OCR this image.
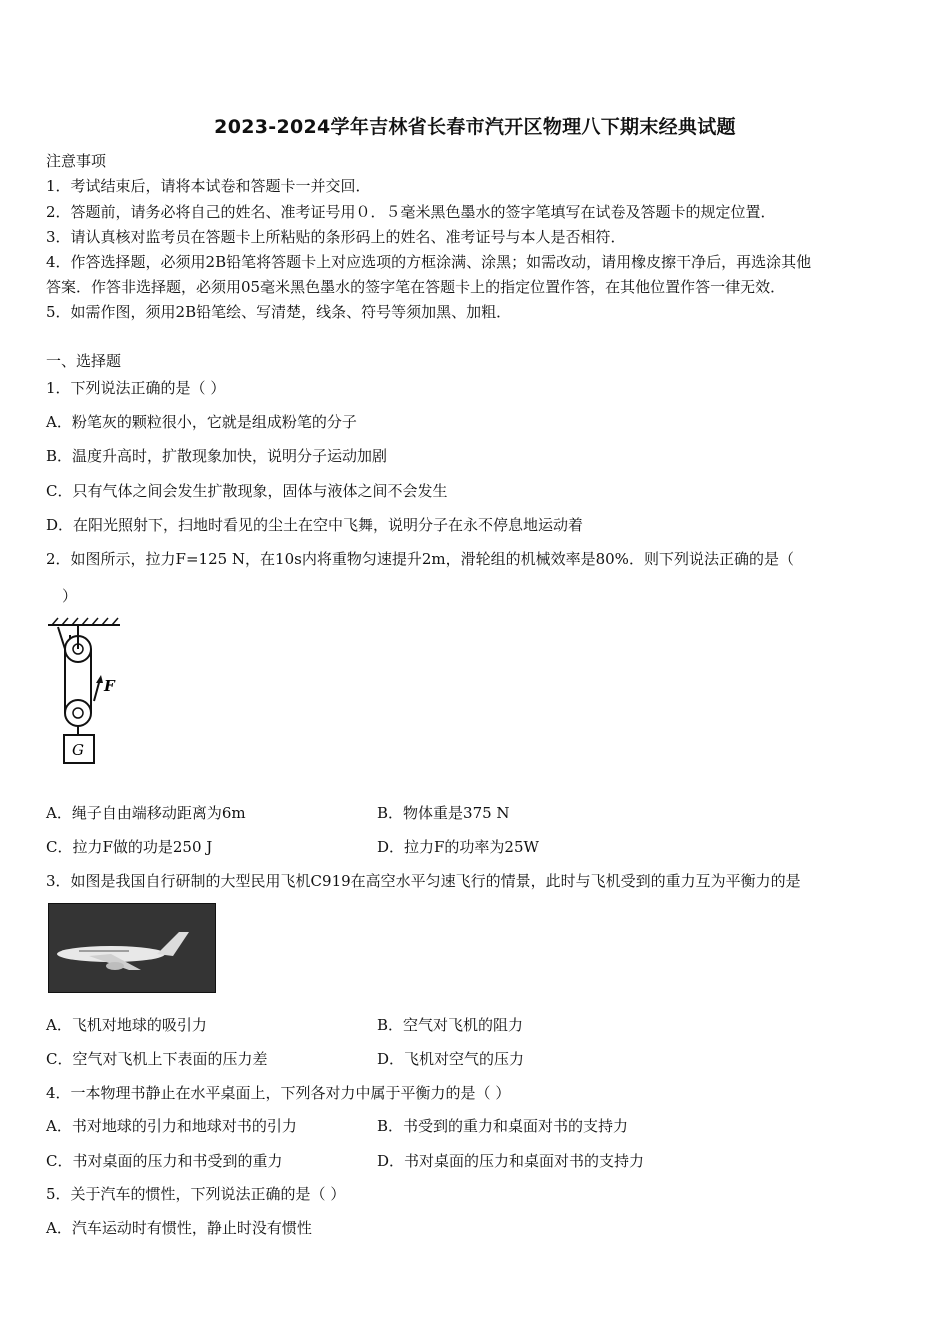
2023-2024学年吉林省长春市汽开区物理八下期末经典试题
注意事项
1．考试结束后，请将本试卷和答题卡一并交回．
2．答题前，请务必将自己的姓名、准考证号用０．５毫米黑色墨水的签字笔填写在试卷及答题卡的规定位置．
3．请认真核对监考员在答题卡上所粘贴的条形码上的姓名、准考证号与本人是否相符．
4．作答选择题，必须用2B铅笔将答题卡上对应选项的方框涂满、涂黑；如需改动，请用橡皮擦干净后，再选涂其他
答案．作答非选择题，必须用05毫米黑色墨水的签字笔在答题卡上的指定位置作答，在其他位置作答一律无效．
5．如需作图，须用2B铅笔绘、写清楚，线条、符号等须加黑、加粗．
一、选择题
1．下列说法正确的是（ ）
A．粉笔灰的颗粒很小，它就是组成粉笔的分子
B．温度升高时，扩散现象加快，说明分子运动加剧
C．只有气体之间会发生扩散现象，固体与液体之间不会发生
D．在阳光照射下，扫地时看见的尘土在空中飞舞，说明分子在永不停息地运动着
2．如图所示，拉力F=125 N，在10s内将重物匀速提升2m，滑轮组的机械效率是80%．则下列说法正确的是（
）
F
G
A．绳子自由端移动距离为6m	B．物体重是375 N
C．拉力F做的功是250 J	D．拉力F的功率为25W
3．如图是我国自行研制的大型民用飞机C919在高空水平匀速飞行的情景，此时与飞机受到的重力互为平衡力的是
A．飞机对地球的吸引力	B．空气对飞机的阻力
C．空气对飞机上下表面的压力差	D．飞机对空气的压力
4．一本物理书静止在水平桌面上，下列各对力中属于平衡力的是（ ）
A．书对地球的引力和地球对书的引力	B．书受到的重力和桌面对书的支持力
C．书对桌面的压力和书受到的重力	D．书对桌面的压力和桌面对书的支持力
5．关于汽车的惯性，下列说法正确的是（ ）
A．汽车运动时有惯性，静止时没有惯性
